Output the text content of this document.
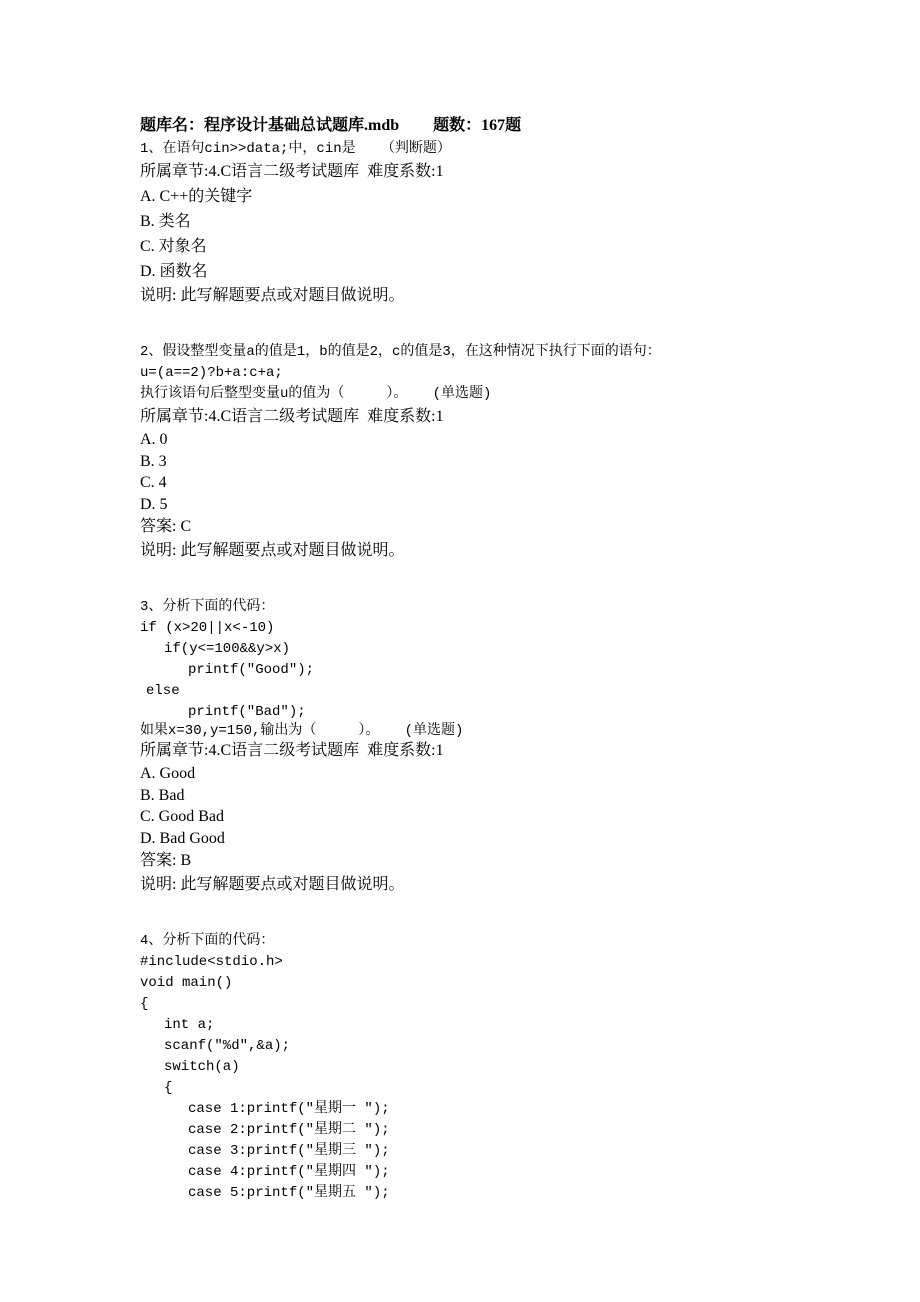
题库名：程序设计基础总试题库.mdb 题数：167题
1、在语句cin>>data;中，cin是   （判断题）
所属章节:4.C语言二级考试题库  难度系数:1
A. C++的关键字
B. 类名
C. 对象名
D. 函数名
说明: 此写解题要点或对题目做说明。
2、假设整型变量a的值是1，b的值是2，c的值是3，在这种情况下执行下面的语句：
u=(a==2)?b+a:c+a;
执行该语句后整型变量u的值为（     ）。   (单选题)
所属章节:4.C语言二级考试题库  难度系数:1
A. 0
B. 3
C. 4
D. 5
答案: C
说明: 此写解题要点或对题目做说明。
3、分析下面的代码：
if (x>20||x<-10)
if(y<=100&&y>x)
printf("Good");
else
printf("Bad");
如果x=30,y=150,输出为（     ）。   (单选题)
所属章节:4.C语言二级考试题库  难度系数:1
A. Good
B. Bad
C. Good Bad
D. Bad Good
答案: B
说明: 此写解题要点或对题目做说明。
4、分析下面的代码：
#include<stdio.h>
void main()
{
int a;
scanf("%d",&a);
switch(a)
{
case 1:printf("星期一 ");
case 2:printf("星期二 ");
case 3:printf("星期三 ");
case 4:printf("星期四 ");
case 5:printf("星期五 ");
